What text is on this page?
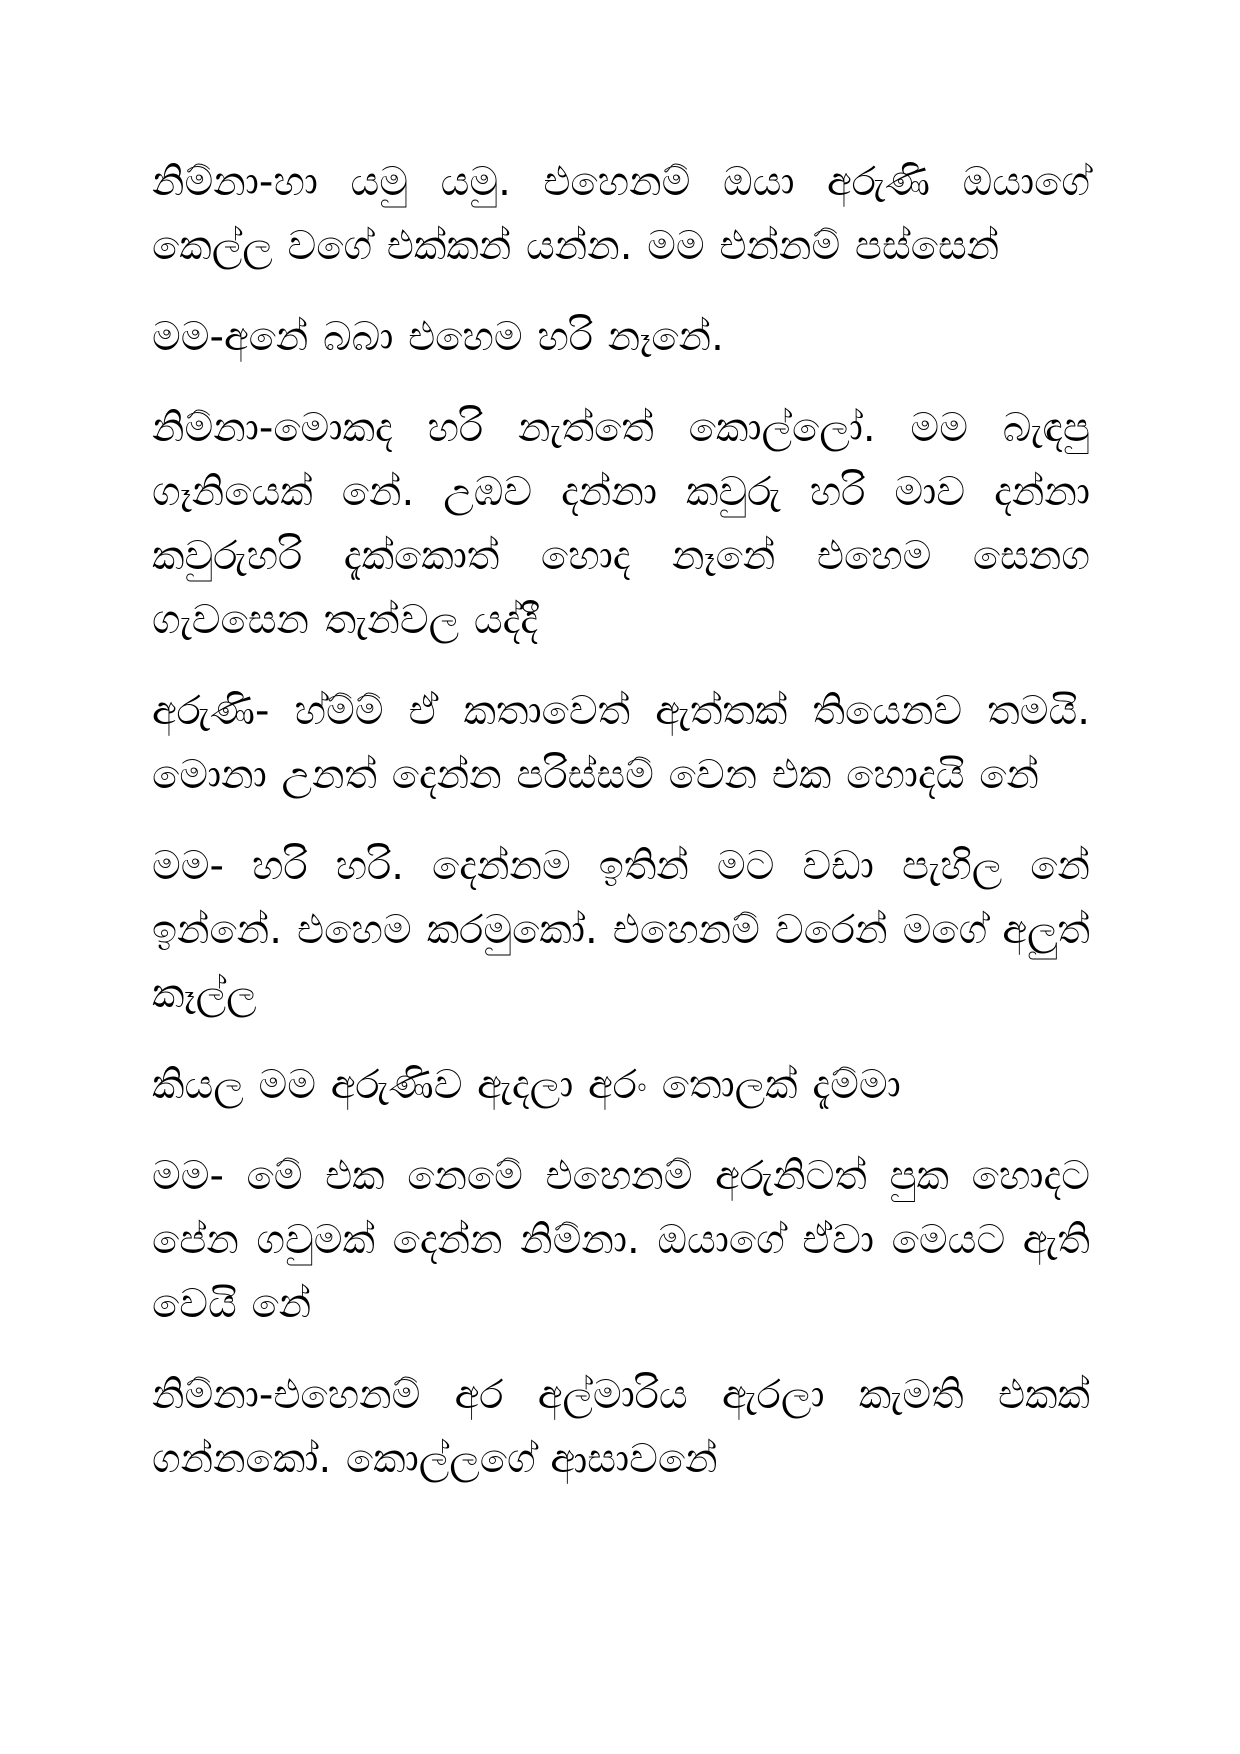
නිම්නා-හා යමු යමු. එහෙනම් ඔයා අරුණි ඔයාගේ කෙල්ල වගේ එක්කන් යන්න. මම එන්නම් පස්සෙන්

මම-අනේ බබා එහෙම හරි නෑනේ.

නිම්නා-මොකද හරි නැත්තේ කොල්ලෝ. මම බැඳපු ගෑනියෙක් නේ. උඹව දන්නා කවුරු හරි මාව දන්නා කවුරුහරි දැක්කොත් හොද නෑනේ එහෙම සෙනග ගැවසෙන තැන්වල යද්දී

අරුණි- හ්ම්ම් ඒ කතාවෙත් ඇත්තක් තියෙනව තමයි. මොනා උනත් දෙන්න පරිස්සම් වෙන එක හොදයි නේ

මම- හරි හරි. දෙන්නම ඉතින් මට වඩා පැහිල නේ ඉන්නේ. එහෙම කරමුකෝ. එහෙනම් වරෙන් මගේ අලුත් කෑල්ල

කියල මම අරුණිව ඇදලා අරං තොලක් දැම්මා

මම- මේ එක නෙමේ එහෙනම් අරුනිටත් පුක හොදට පේන ගවුමක් දෙන්න නිම්නා. ඔයාගේ ඒවා මෙයට ඇති වෙයි නේ

නිම්නා-එහෙනම් අර අල්මාරිය ඇරලා කැමති එකක් ගන්නකෝ. කොල්ලගේ ආසාවනේ
